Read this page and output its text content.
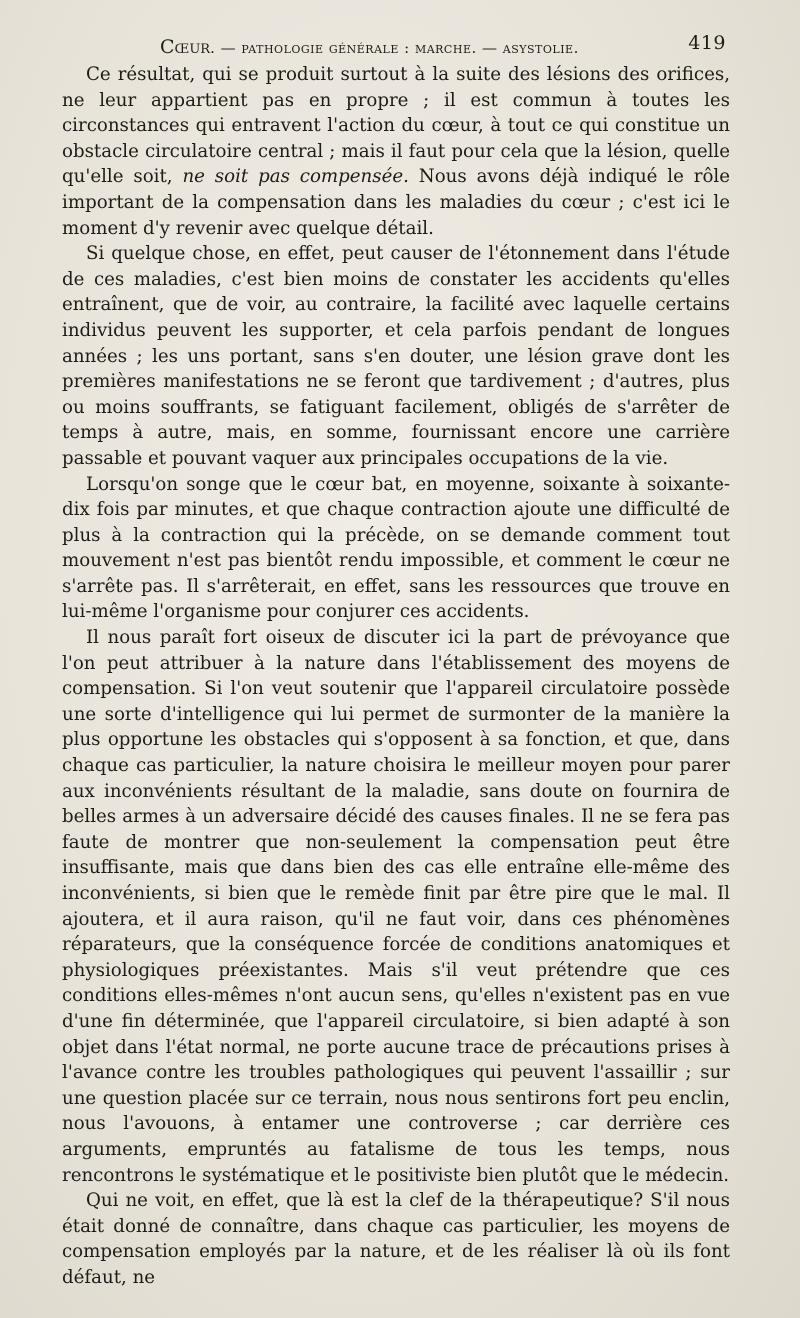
Cœur. — pathologie générale : marche. — asystolie.	419

Ce résultat, qui se produit surtout à la suite des lésions des orifices, ne leur appartient pas en propre ; il est commun à toutes les circonstances qui entravent l'action du cœur, à tout ce qui constitue un obstacle circulatoire central ; mais il faut pour cela que la lésion, quelle qu'elle soit, ne soit pas compensée. Nous avons déjà indiqué le rôle important de la compensation dans les maladies du cœur ; c'est ici le moment d'y revenir avec quelque détail.

Si quelque chose, en effet, peut causer de l'étonnement dans l'étude de ces maladies, c'est bien moins de constater les accidents qu'elles entraînent, que de voir, au contraire, la facilité avec laquelle certains individus peuvent les supporter, et cela parfois pendant de longues années ; les uns portant, sans s'en douter, une lésion grave dont les premières manifestations ne se feront que tardivement ; d'autres, plus ou moins souffrants, se fatiguant facilement, obligés de s'arrêter de temps à autre, mais, en somme, fournissant encore une carrière passable et pouvant vaquer aux principales occupations de la vie.

Lorsqu'on songe que le cœur bat, en moyenne, soixante à soixante-dix fois par minutes, et que chaque contraction ajoute une difficulté de plus à la contraction qui la précède, on se demande comment tout mouvement n'est pas bientôt rendu impossible, et comment le cœur ne s'arrête pas. Il s'arrêterait, en effet, sans les ressources que trouve en lui-même l'organisme pour conjurer ces accidents.

Il nous paraît fort oiseux de discuter ici la part de prévoyance que l'on peut attribuer à la nature dans l'établissement des moyens de compensation. Si l'on veut soutenir que l'appareil circulatoire possède une sorte d'intelligence qui lui permet de surmonter de la manière la plus opportune les obstacles qui s'opposent à sa fonction, et que, dans chaque cas particulier, la nature choisira le meilleur moyen pour parer aux inconvénients résultant de la maladie, sans doute on fournira de belles armes à un adversaire décidé des causes finales. Il ne se fera pas faute de montrer que non-seulement la compensation peut être insuffisante, mais que dans bien des cas elle entraîne elle-même des inconvénients, si bien que le remède finit par être pire que le mal. Il ajoutera, et il aura raison, qu'il ne faut voir, dans ces phénomènes réparateurs, que la conséquence forcée de conditions anatomiques et physiologiques préexistantes. Mais s'il veut prétendre que ces conditions elles-mêmes n'ont aucun sens, qu'elles n'existent pas en vue d'une fin déterminée, que l'appareil circulatoire, si bien adapté à son objet dans l'état normal, ne porte aucune trace de précautions prises à l'avance contre les troubles pathologiques qui peuvent l'assaillir ; sur une question placée sur ce terrain, nous nous sentirons fort peu enclin, nous l'avouons, à entamer une controverse ; car derrière ces arguments, empruntés au fatalisme de tous les temps, nous rencontrons le systématique et le positiviste bien plutôt que le médecin.

Qui ne voit, en effet, que là est la clef de la thérapeutique? S'il nous était donné de connaître, dans chaque cas particulier, les moyens de compensation employés par la nature, et de les réaliser là où ils font défaut, ne
